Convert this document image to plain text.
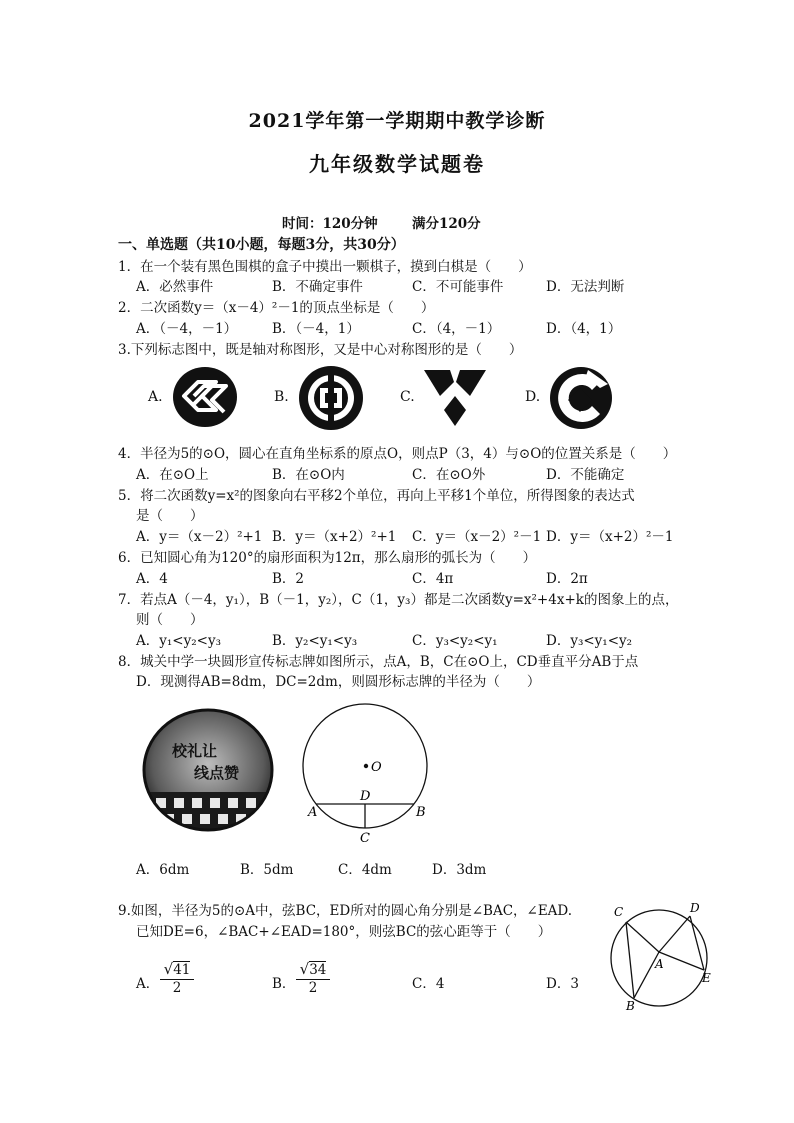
2021学年第一学期期中教学诊断
九年级数学试题卷
时间：120分钟	满分120分
一、单选题（共10小题，每题3分，共30分）
1．在一个装有黑色围棋的盒子中摸出一颗棋子，摸到白棋是（　　）
A．必然事件	B．不确定事件	C．不可能事件	D．无法判断
2．二次函数y＝（x－4）²－1的顶点坐标是（　　）
A．（－4，－1）	B．（－4，1）	C．（4，－1）	D．（4，1）
3.下列标志图中，既是轴对称图形，又是中心对称图形的是（　　）
A.	B.	C.	D.
4．半径为5的⊙O，圆心在直角坐标系的原点O，则点P（3，4）与⊙O的位置关系是（　　）
A．在⊙O上	B．在⊙O内	C．在⊙O外	D．不能确定
5．将二次函数y=x²的图象向右平移2个单位，再向上平移1个单位，所得图象的表达式
是（　　）
A．y＝（x－2）²+1 B．y＝（x+2）²+1 C．y＝（x－2）²－1 D．y＝（x+2）²－1
6．已知圆心角为120°的扇形面积为12π，那么扇形的弧长为（　　）
A．4	B．2	C．4π	D．2π
7．若点A（－4，y₁），B（－1，y₂），C（1，y₃）都是二次函数y=x²+4x+k的图象上的点，
则（　　）
A．y₁<y₂<y₃	B．y₂<y₁<y₃	C．y₃<y₂<y₁	D．y₃<y₁<y₂
8．城关中学一块圆形宣传标志牌如图所示，点A，B，C在⊙O上，CD垂直平分AB于点
D．现测得AB=8dm，DC=2dm，则圆形标志牌的半径为（　　）
校礼让
线点赞	O
D
A	B
C
A．6dm	B．5dm	C．4dm	D．3dm
9.如图，半径为5的⊙A中，弦BC，ED所对的圆心角分别是∠BAC，∠EAD.
已知DE=6，∠BAC+∠EAD=180°，则弦BC的弦心距等于（　　）
A．
√41
2	B．
√34
2	C．4	D．3
C	D
A
E
B
